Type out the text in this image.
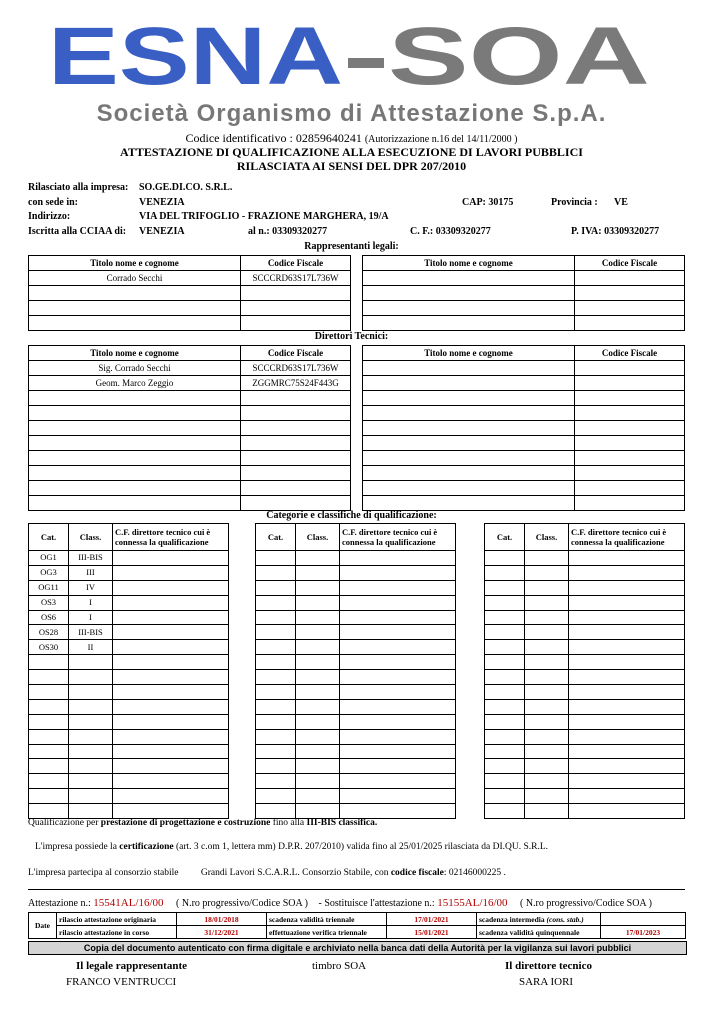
ESNA SOA
Società Organismo di Attestazione S.p.A.
Codice identificativo : 02859640241 (Autorizzazione n.16 del 14/11/2000 )
ATTESTAZIONE DI QUALIFICAZIONE ALLA ESECUZIONE DI LAVORI PUBBLICI
RILASCIATA AI SENSI DEL DPR 207/2010
Rilasciato alla impresa: SO.GE.DI.CO. S.R.L.
con sede in:	VENEZIA	CAP: 30175	Provincia : VE
Indirizzo:	VIA DEL TRIFOGLIO - FRAZIONE MARGHERA, 19/A
Iscritta alla CCIAA di: VENEZIA	al n.: 03309320277	C. F.: 03309320277	P. IVA: 03309320277
Rappresentanti legali:
Titolo nome e cognome	Codice Fiscale
Corrado Secchi	SCCCRD63S17L736W

Titolo nome e cognome	Codice Fiscale

Direttori Tecnici:
Titolo nome e cognome	Codice Fiscale
Sig. Corrado Secchi	SCCCRD63S17L736W
Geom. Marco Zeggio	ZGGMRC75S24F443G

Titolo nome e cognome	Codice Fiscale

Categorie e classifiche di qualificazione:
Cat.	Class.	C.F. direttore tecnico cui è
connessa la qualificazione

OG1	III-BIS	
OG3	III	
OG11	IV	
OS3	I	
OS6	I	
OS28	III-BIS	
OS30	II	

Cat.	Class.	C.F. direttore tecnico cui è
connessa la qualificazione

			Cat.	Class.	C.F. direttore tecnico cui è
connessa la qualificazione

Qualificazione per prestazione di progettazione e costruzione fino alla III-BIS classifica.
L'impresa possiede la certificazione (art. 3 c.om 1, lettera mm) D.P.R. 207/2010) valida fino al 25/01/2025 rilasciata da DI.QU. S.R.L.
L'impresa partecipa al consorzio stabile Grandi Lavori S.C.A.R.L. Consorzio Stabile, con codice fiscale: 02146000225 .
Attestazione n.: 15541AL/16/00 ( N.ro progressivo/Codice SOA ) - Sostituisce l'attestazione n.: 15155AL/16/00 ( N.ro progressivo/Codice SOA )
Date	rilascio attestazione originaria	18/01/2018	scadenza validità triennale	17/01/2021	scadenza intermedia (cons. stab.)	
	rilascio attestazione in corso	31/12/2021	effettuazione verifica triennale	15/01/2021	scadenza validità quinquennale	17/01/2023
Copia del documento autenticato con firma digitale e archiviato nella banca dati della Autorità per la vigilanza sui lavori pubblici
Il legale rappresentante	timbro SOA	Il direttore tecnico
FRANCO VENTRUCCI	SARA IORI
